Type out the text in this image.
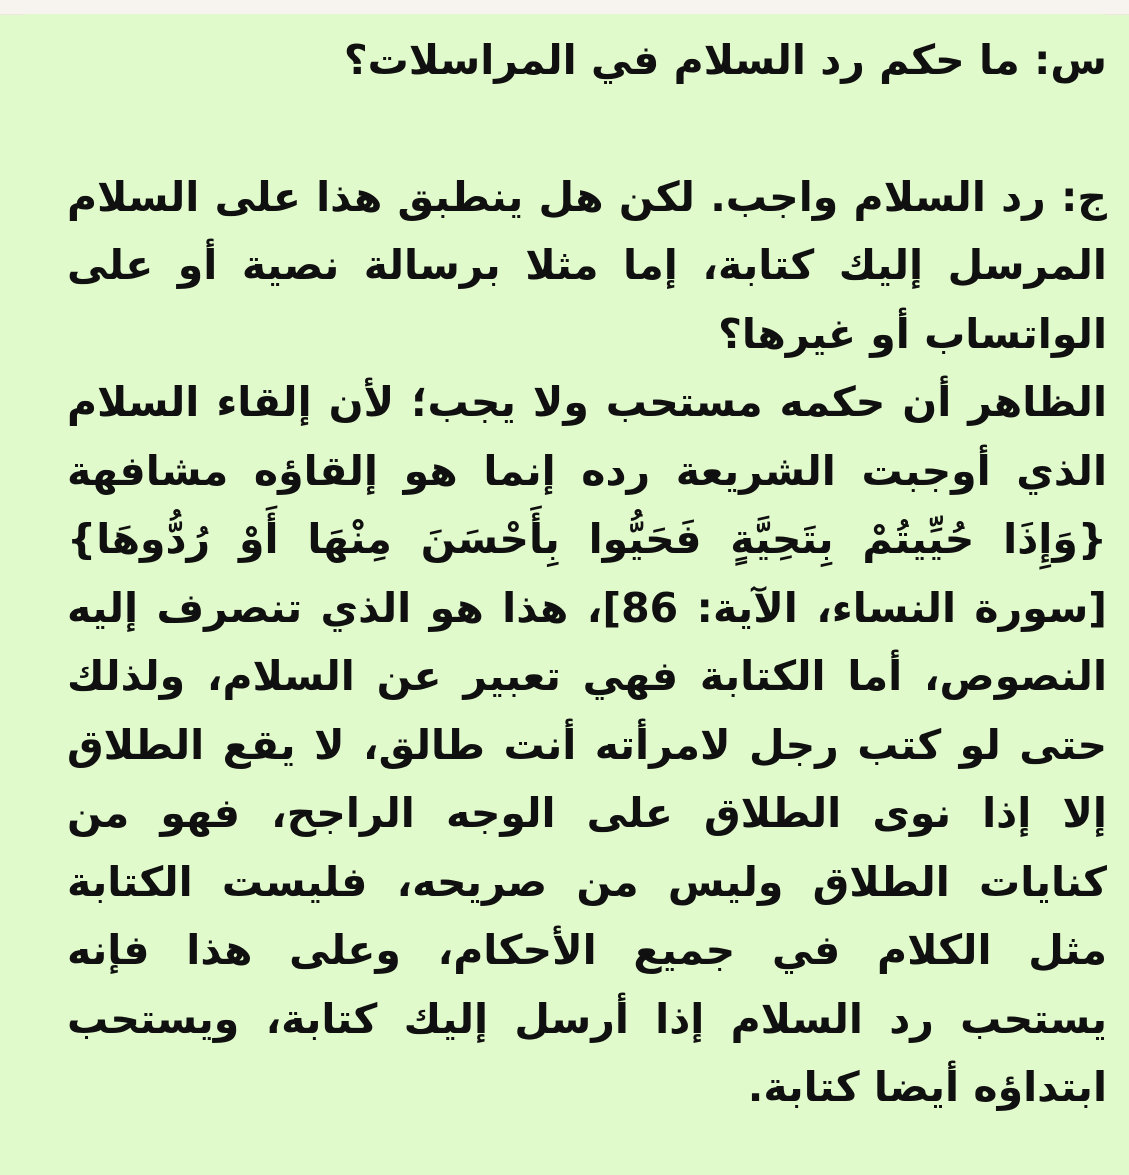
س: ما حكم رد السلام في المراسلات؟

ج: رد السلام واجب. لكن هل ينطبق هذا على السلام المرسل إليك كتابة، إما مثلا برسالة نصية أو على الواتساب أو غيرها؟

الظاهر أن حكمه مستحب ولا يجب؛ لأن إلقاء السلام الذي أوجبت الشريعة رده إنما هو إلقاؤه مشافهة {وَإِذَا حُيِّيتُمْ بِتَحِيَّةٍ فَحَيُّوا بِأَحْسَنَ مِنْهَا أَوْ رُدُّوهَا} [سورة النساء، الآية: 86]، هذا هو الذي تنصرف إليه النصوص، أما الكتابة فهي تعبير عن السلام، ولذلك حتى لو كتب رجل لامرأته أنت طالق، لا يقع الطلاق إلا إذا نوى الطلاق على الوجه الراجح، فهو من كنايات الطلاق وليس من صريحه، فليست الكتابة مثل الكلام في جميع الأحكام، وعلى هذا فإنه يستحب رد السلام إذا أرسل إليك كتابة، ويستحب ابتداؤه أيضا كتابة.
